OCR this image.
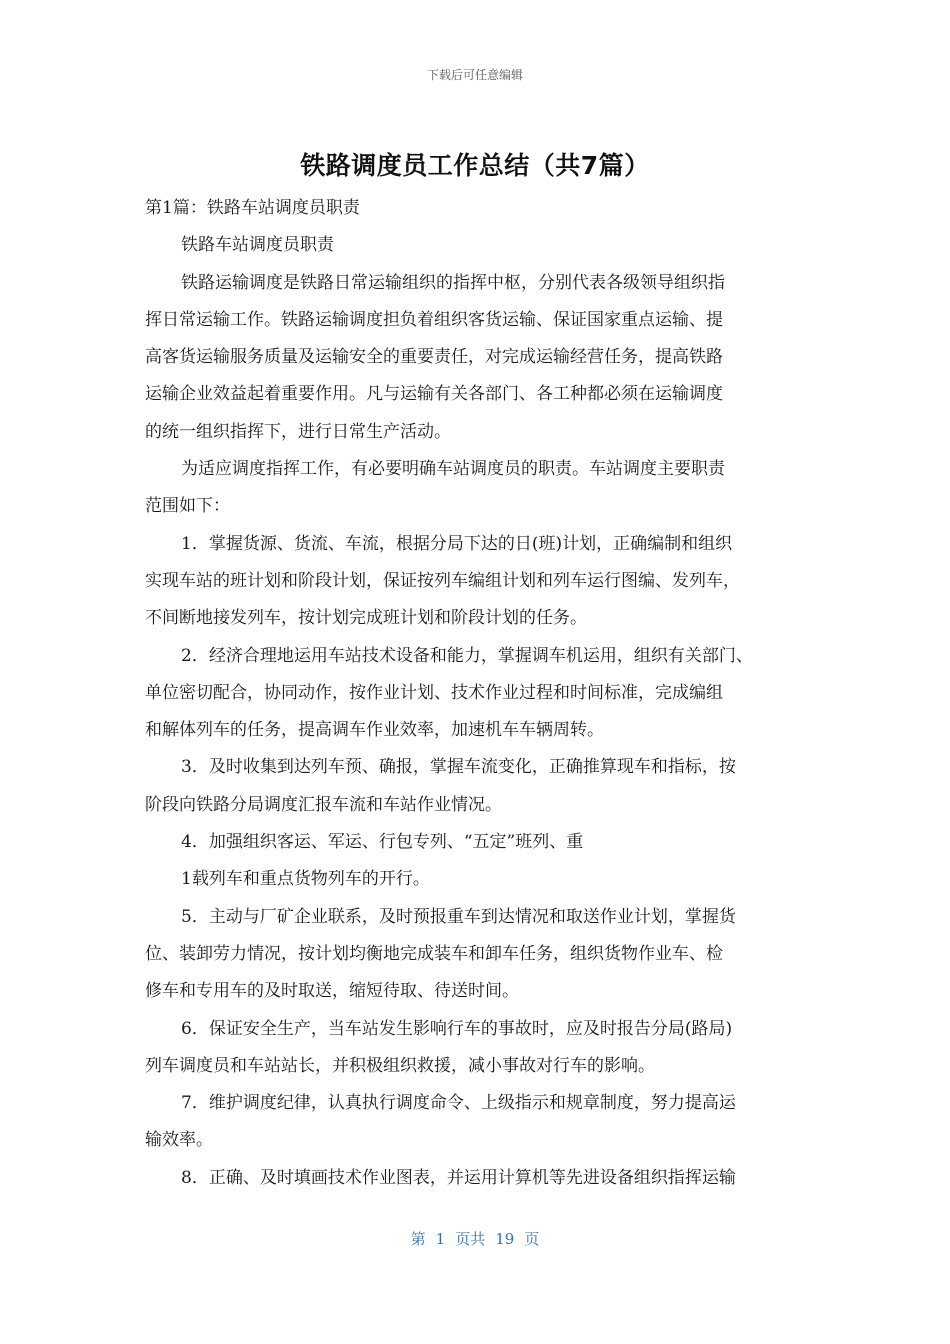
下载后可任意编辑
铁路调度员工作总结（共7篇）
第1篇：铁路车站调度员职责
铁路车站调度员职责
铁路运输调度是铁路日常运输组织的指挥中枢，分别代表各级领导组织指
挥日常运输工作。铁路运输调度担负着组织客货运输、保证国家重点运输、提
高客货运输服务质量及运输安全的重要责任，对完成运输经营任务，提高铁路
运输企业效益起着重要作用。凡与运输有关各部门、各工种都必须在运输调度
的统一组织指挥下，进行日常生产活动。
为适应调度指挥工作，有必要明确车站调度员的职责。车站调度主要职责
范围如下：
1．掌握货源、货流、车流，根据分局下达的日(班)计划，正确编制和组织
实现车站的班计划和阶段计划，保证按列车编组计划和列车运行图编、发列车，
不间断地接发列车，按计划完成班计划和阶段计划的任务。
2．经济合理地运用车站技术设备和能力，掌握调车机运用，组织有关部门、
单位密切配合，协同动作，按作业计划、技术作业过程和时间标准，完成编组
和解体列车的任务，提高调车作业效率，加速机车车辆周转。
3．及时收集到达列车预、确报，掌握车流变化，正确推算现车和指标，按
阶段向铁路分局调度汇报车流和车站作业情况。
4．加强组织客运、军运、行包专列、“五定”班列、重
1载列车和重点货物列车的开行。
5．主动与厂矿企业联系，及时预报重车到达情况和取送作业计划，掌握货
位、装卸劳力情况，按计划均衡地完成装车和卸车任务，组织货物作业车、检
修车和专用车的及时取送，缩短待取、待送时间。
6．保证安全生产，当车站发生影响行车的事故时，应及时报告分局(路局)
列车调度员和车站站长，并积极组织救援，减小事故对行车的影响。
7．维护调度纪律，认真执行调度命令、上级指示和规章制度，努力提高运
输效率。
8．正确、及时填画技术作业图表，并运用计算机等先进设备组织指挥运输
第 1 页共 19 页
